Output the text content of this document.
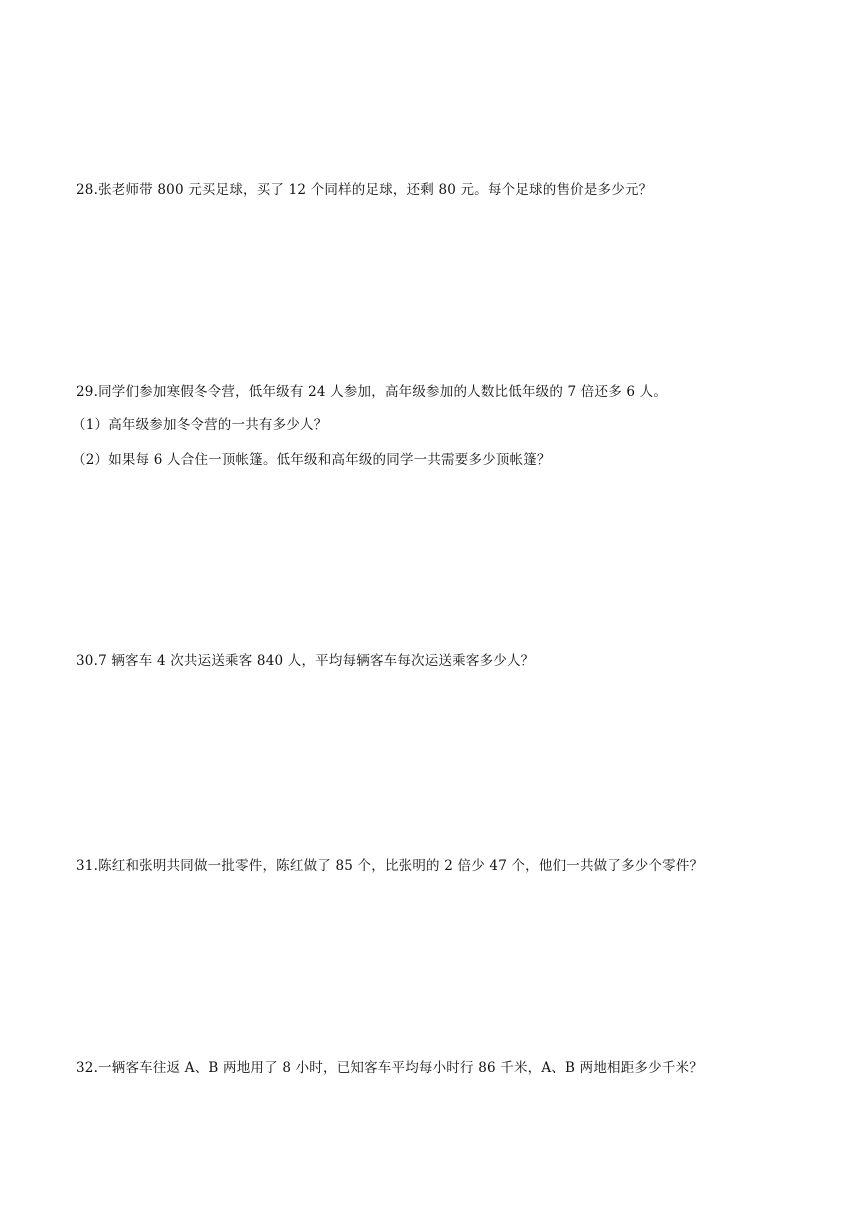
28.张老师带 800 元买足球，买了 12 个同样的足球，还剩 80 元。每个足球的售价是多少元？
29.同学们参加寒假冬令营，低年级有 24 人参加，高年级参加的人数比低年级的 7 倍还多 6 人。
（1）高年级参加冬令营的一共有多少人？
（2）如果每 6 人合住一顶帐篷。低年级和高年级的同学一共需要多少顶帐篷？
30.7 辆客车 4 次共运送乘客 840 人，平均每辆客车每次运送乘客多少人？
31.陈红和张明共同做一批零件，陈红做了 85 个，比张明的 2 倍少 47 个，他们一共做了多少个零件？
32.一辆客车往返 A、B 两地用了 8 小时，已知客车平均每小时行 86 千米，A、B 两地相距多少千米？
